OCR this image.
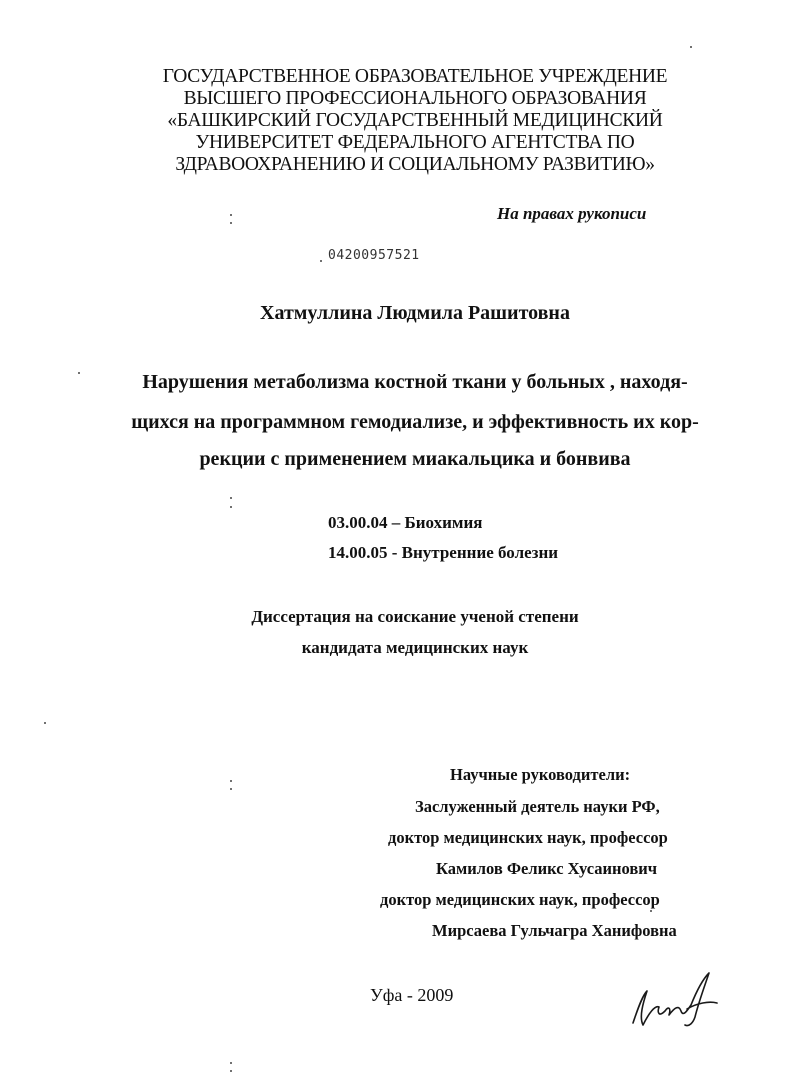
ГОСУДАРСТВЕННОЕ ОБРАЗОВАТЕЛЬНОЕ УЧРЕЖДЕНИЕ
ВЫСШЕГО ПРОФЕССИОНАЛЬНОГО ОБРАЗОВАНИЯ
«БАШКИРСКИЙ ГОСУДАРСТВЕННЫЙ МЕДИЦИНСКИЙ
УНИВЕРСИТЕТ ФЕДЕРАЛЬНОГО АГЕНТСТВА ПО
ЗДРАВООХРАНЕНИЮ И СОЦИАЛЬНОМУ РАЗВИТИЮ»
На правах рукописи
04200957521
Хатмуллина Людмила Рашитовна
Нарушения метаболизма костной ткани у больных , находя-
щихся на программном гемодиализе, и эффективность их кор-
рекции с применением миакальцика и бонвива
03.00.04 – Биохимия
14.00.05 - Внутренние болезни
Диссертация на соискание ученой степени
кандидата медицинских наук
Научные руководители:
Заслуженный деятель науки РФ,
доктор медицинских наук, профессор
Камилов Феликс Хусаинович
доктор медицинских наук, профессор
Мирсаева Гульчагра Ханифовна
Уфа - 2009
